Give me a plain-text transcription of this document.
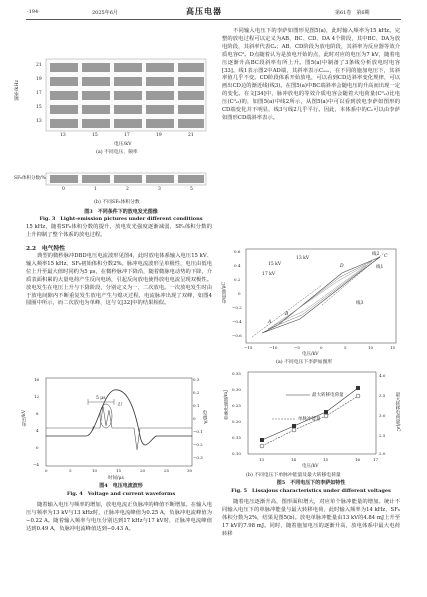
·194·	2025年6月	高压电器	第61卷　第6期
频率/kHz
21
19
17
15
13
13	15	17	19	21
电压/kV
(a) 不同电压、频率
SF₆体积分数/%
0	1	2	3	5
(b) 不同SF₆体积分数
图3　不同条件下的放电发光图像
Fig. 3　Light-emission pictures under different conditions

15 kHz，随着SF₆体积分数的提升，放电发光强度逐渐减弱，SF₆体积分数的上升抑制了整个体系的放电过程。

2.2　电气特性

典型的微秒脉冲DBD电压电流波形见图4，此时放电体系输入电压15 kV、输入频率15 kHz、SF₆初始体积分数2%。脉冲电流波形呈单极性，电压由低电位上升至最大值时同约为5 μs，在微秒脉冲下降沿，随着微脉电动势的下降，介质表面积累的大量电荷产生反向电场，引起反向放电使得放电电流呈现双极性。放电发生在电压上升与下降阶段，分别定义为一、二次放电。一次放电发生时由于放电间隙内不断重复发生放电产生与熄灭过程，电流脉冲出现了双峰，如图4圆圈中所示，而二次放电为单峰，这与文[32]中的结果相似。

5 μs
U
I
电压/kV	电流/A
16
12
8
4
0
−4
0.3
0.2
0.1
0
−0.1
−0.2
−0.3
0	5	10	15	20	25	30
时间/μs
图4　电压电流波形
Fig. 4　Voltage and current waveforms

随着输入电压与频率的增加，放电电流正负脉冲的峰值不断增加。在输入电压与频率为13 kV与13 kHz时，正脉冲电流峰值为0.25 A，负脉冲电流峰值为−0.22 A。随着输入频率与电压分别达到17 kHz与17 kV时，正脉冲电流峰值达到0.49 A，负脉冲电流峰值达到−0.43 A。

不同输入电压下的李萨如图形见图5(a)，此时输入频率为15 kHz。完整的放电过程可以定义为AB、BC、CD、DA 4个阶段，其中BC、DA为放电阶段，其斜率代表Cₐ；AB、CD阶段为放电阶段，其斜率为反应器等效介质电容Cᵈ。D点随着认为是放电开始的点，此时对应的电压为7 kV，随着电压逐渐升高BC段斜率有所上升。图5(a)中制备了3条线分析放电时电容[33]。线1表示图2中AD端，其斜率表示Cₑₒₑ，在不同的施加电压下，其斜率值几乎不变。CD阶段体系开始放电，可以看到CD边斜率变化规律，可以画出CD边的渐近线(线3)。在图5(a)中BC端斜率会随电压的升高而出现一定的变化。在文[34]中，脉冲放电的等效介质电容会随着大电荷量(Cᵈₑₜ)比电压(Cᵈₑₜ)的，如图5(a)中线2所示，从图5(a)中可以看到放电李萨如图形的CD端变化并不明显，线3与线2几乎平行。因此，本体系中的Cₑ可以由李萨如图形CD端斜率表示。

电荷量/μC
0.6
0.4
0.2
0
−0.2
−0.4
−0.6
−15	−10	−5	0	5	10	15
13 kV
15 kV
17 kV
线2
线1
线3
A
B
C
D
电压/kV
(a) 不同电压下李萨如图形
单脉冲能量/mJ	最大转移电荷量/μC
0.35
0.30
0.25
0.20
0.15
0.10
4.0
3.5
3.0
2.5
2.0
13	14	15	16	17
最大转移电荷量
单脉冲能量
电压/kV
(b) 不同电压下单脉冲能量及最大转移电荷量
图5　不同电压下的李萨如特性
Fig. 5　Lissajous characteristics under different voltages

随着电压逐渐升高，图形面积增大，对应单个脉冲能量的增加。统计不同输入电压下的单脉冲能量与最大转移电荷，此时输入频率为14 kHz，SF₆体积分数为2%，结果见图5(b)。放电单脉冲能量由13 kV的4.84 mJ上升至17 kV的7.98 mJ。同时，随着施加电压的逐渐升高，放电体系中最大电荷转移
